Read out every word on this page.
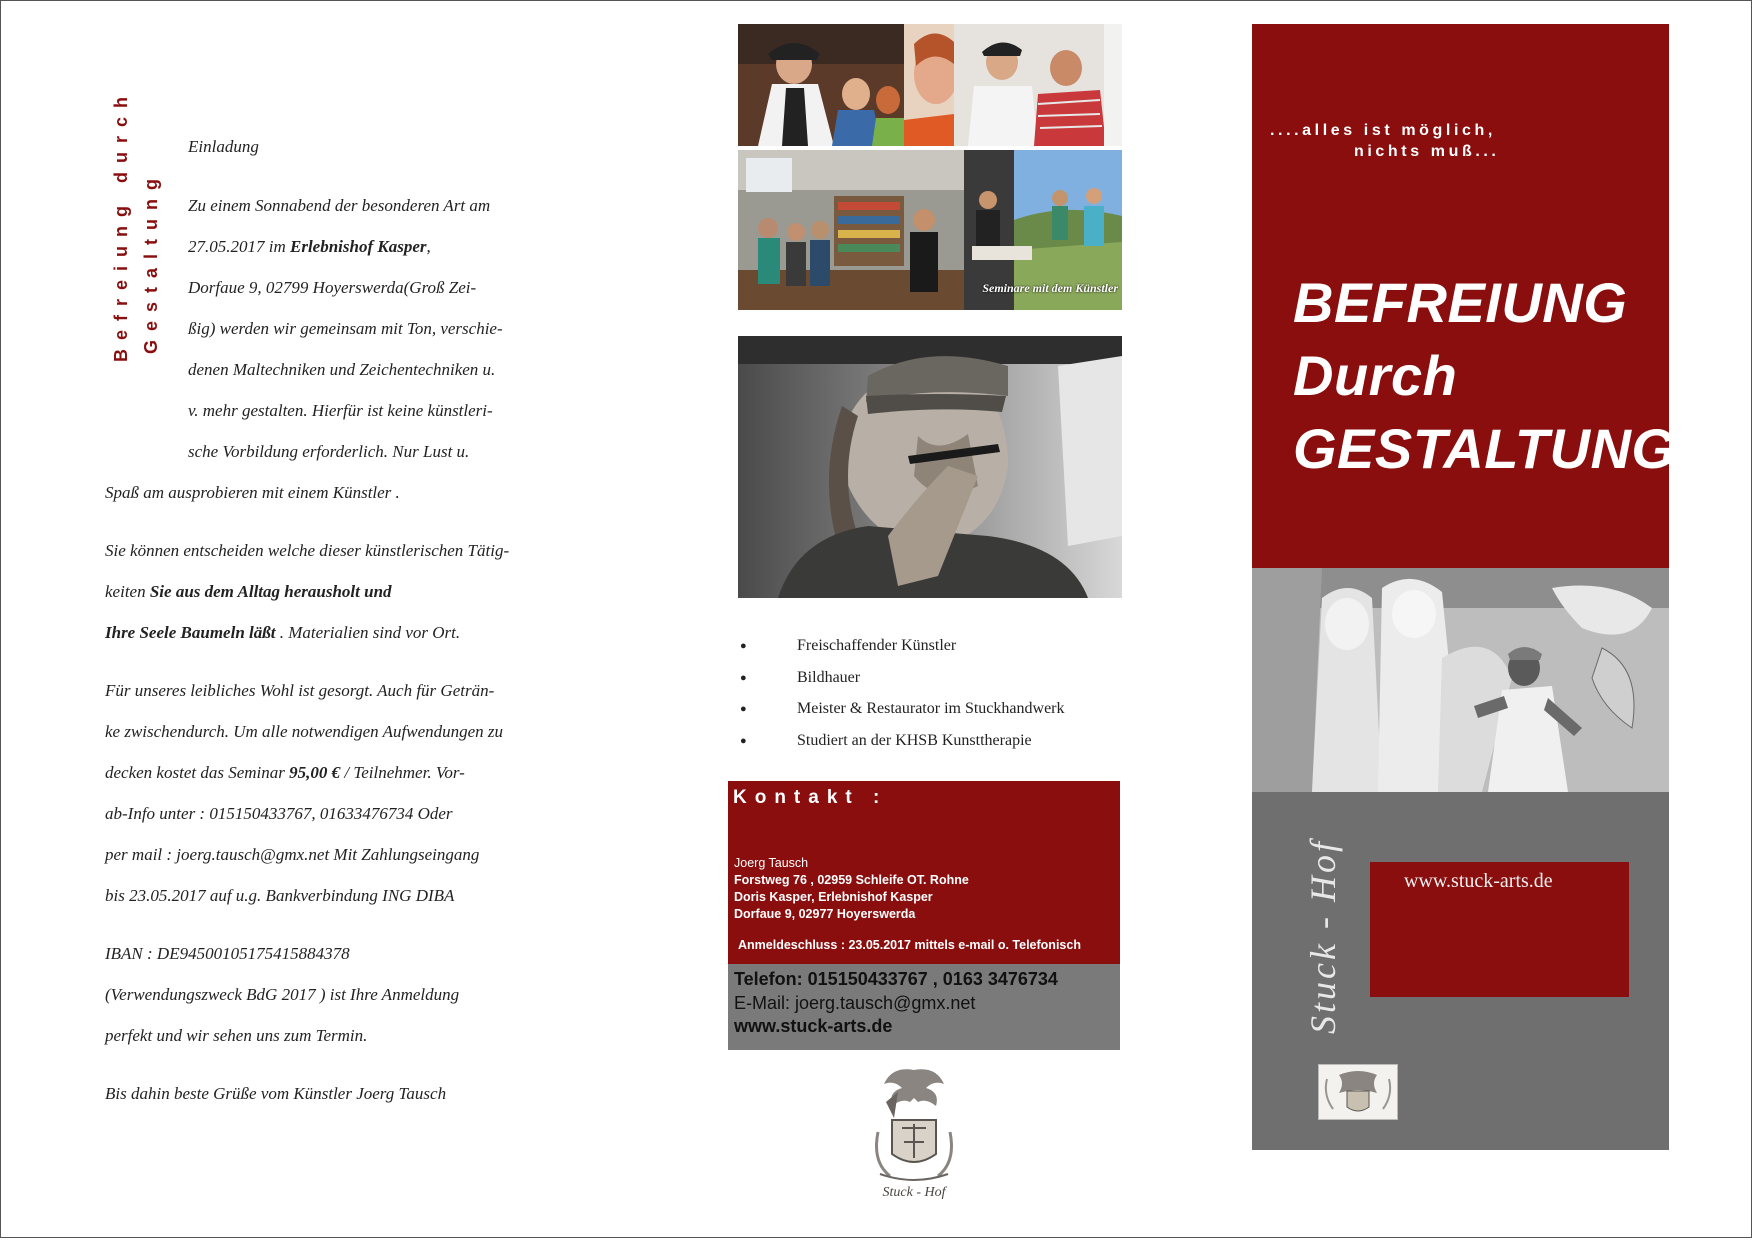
Befreiung durch Gestaltung
Einladung
Zu einem Sonnabend der besonderen Art am
27.05.2017 im Erlebnishof Kasper,
Dorfaue 9, 02799 Hoyerswerda(Groß Zei-
ßig) werden wir gemeinsam mit Ton, verschie-
denen Maltechniken und Zeichentechniken u.
v. mehr gestalten. Hierfür ist keine künstleri-
sche Vorbildung erforderlich. Nur Lust u.
Spaß am ausprobieren mit einem Künstler .
Sie können entscheiden welche dieser künstlerischen Tätig-
keiten Sie aus dem Alltag herausholt und
Ihre Seele Baumeln läßt . Materialien sind vor Ort.
Für unseres leibliches Wohl ist gesorgt. Auch für Geträn-
ke zwischendurch. Um alle notwendigen Aufwendungen zu
decken kostet das Seminar 95,00 € / Teilnehmer. Vor-
ab-Info unter : 015150433767, 01633476734 Oder
per mail : joerg.tausch@gmx.net Mit Zahlungseingang
bis 23.05.2017 auf u.g. Bankverbindung ING DIBA
IBAN : DE94500105175415884378
(Verwendungszweck BdG 2017 ) ist Ihre Anmeldung
perfekt und wir sehen uns zum Termin.
Bis dahin beste Grüße vom Künstler Joerg Tausch
Seminare mit dem Künstler
● Freischaffender Künstler
● Bildhauer
● Meister & Restaurator im Stuckhandwerk
● Studiert an der KHSB Kunsttherapie
Kontakt :
Joerg Tausch
Forstweg 76 , 02959 Schleife OT. Rohne
Doris Kasper, Erlebnishof Kasper
Dorfaue 9, 02977 Hoyerswerda
Anmeldeschluss : 23.05.2017 mittels e-mail o. Telefonisch
Telefon: 015150433767 , 0163 3476734
E-Mail: joerg.tausch@gmx.net
www.stuck-arts.de
Stuck - Hof
....alles ist möglich,
nichts muß...
BEFREIUNG
Durch
GESTALTUNG
Stuck - Hof	www.stuck-arts.de
